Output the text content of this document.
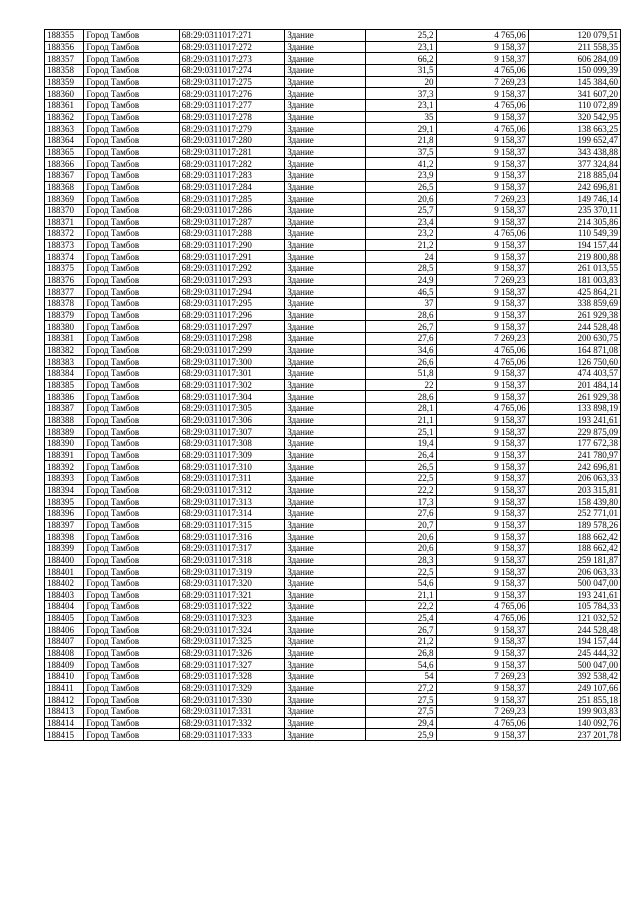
188355	Город Тамбов	68:29:0311017:271	Здание	25,2	4 765,06	120 079,51
188356	Город Тамбов	68:29:0311017:272	Здание	23,1	9 158,37	211 558,35
188357	Город Тамбов	68:29:0311017:273	Здание	66,2	9 158,37	606 284,09
188358	Город Тамбов	68:29:0311017:274	Здание	31,5	4 765,06	150 099,39
188359	Город Тамбов	68:29:0311017:275	Здание	20	7 269,23	145 384,60
188360	Город Тамбов	68:29:0311017:276	Здание	37,3	9 158,37	341 607,20
188361	Город Тамбов	68:29:0311017:277	Здание	23,1	4 765,06	110 072,89
188362	Город Тамбов	68:29:0311017:278	Здание	35	9 158,37	320 542,95
188363	Город Тамбов	68:29:0311017:279	Здание	29,1	4 765,06	138 663,25
188364	Город Тамбов	68:29:0311017:280	Здание	21,8	9 158,37	199 652,47
188365	Город Тамбов	68:29:0311017:281	Здание	37,5	9 158,37	343 438,88
188366	Город Тамбов	68:29:0311017:282	Здание	41,2	9 158,37	377 324,84
188367	Город Тамбов	68:29:0311017:283	Здание	23,9	9 158,37	218 885,04
188368	Город Тамбов	68:29:0311017:284	Здание	26,5	9 158,37	242 696,81
188369	Город Тамбов	68:29:0311017:285	Здание	20,6	7 269,23	149 746,14
188370	Город Тамбов	68:29:0311017:286	Здание	25,7	9 158,37	235 370,11
188371	Город Тамбов	68:29:0311017:287	Здание	23,4	9 158,37	214 305,86
188372	Город Тамбов	68:29:0311017:288	Здание	23,2	4 765,06	110 549,39
188373	Город Тамбов	68:29:0311017:290	Здание	21,2	9 158,37	194 157,44
188374	Город Тамбов	68:29:0311017:291	Здание	24	9 158,37	219 800,88
188375	Город Тамбов	68:29:0311017:292	Здание	28,5	9 158,37	261 013,55
188376	Город Тамбов	68:29:0311017:293	Здание	24,9	7 269,23	181 003,83
188377	Город Тамбов	68:29:0311017:294	Здание	46,5	9 158,37	425 864,21
188378	Город Тамбов	68:29:0311017:295	Здание	37	9 158,37	338 859,69
188379	Город Тамбов	68:29:0311017:296	Здание	28,6	9 158,37	261 929,38
188380	Город Тамбов	68:29:0311017:297	Здание	26,7	9 158,37	244 528,48
188381	Город Тамбов	68:29:0311017:298	Здание	27,6	7 269,23	200 630,75
188382	Город Тамбов	68:29:0311017:299	Здание	34,6	4 765,06	164 871,08
188383	Город Тамбов	68:29:0311017:300	Здание	26,6	4 765,06	126 750,60
188384	Город Тамбов	68:29:0311017:301	Здание	51,8	9 158,37	474 403,57
188385	Город Тамбов	68:29:0311017:302	Здание	22	9 158,37	201 484,14
188386	Город Тамбов	68:29:0311017:304	Здание	28,6	9 158,37	261 929,38
188387	Город Тамбов	68:29:0311017:305	Здание	28,1	4 765,06	133 898,19
188388	Город Тамбов	68:29:0311017:306	Здание	21,1	9 158,37	193 241,61
188389	Город Тамбов	68:29:0311017:307	Здание	25,1	9 158,37	229 875,09
188390	Город Тамбов	68:29:0311017:308	Здание	19,4	9 158,37	177 672,38
188391	Город Тамбов	68:29:0311017:309	Здание	26,4	9 158,37	241 780,97
188392	Город Тамбов	68:29:0311017:310	Здание	26,5	9 158,37	242 696,81
188393	Город Тамбов	68:29:0311017:311	Здание	22,5	9 158,37	206 063,33
188394	Город Тамбов	68:29:0311017:312	Здание	22,2	9 158,37	203 315,81
188395	Город Тамбов	68:29:0311017:313	Здание	17,3	9 158,37	158 439,80
188396	Город Тамбов	68:29:0311017:314	Здание	27,6	9 158,37	252 771,01
188397	Город Тамбов	68:29:0311017:315	Здание	20,7	9 158,37	189 578,26
188398	Город Тамбов	68:29:0311017:316	Здание	20,6	9 158,37	188 662,42
188399	Город Тамбов	68:29:0311017:317	Здание	20,6	9 158,37	188 662,42
188400	Город Тамбов	68:29:0311017:318	Здание	28,3	9 158,37	259 181,87
188401	Город Тамбов	68:29:0311017:319	Здание	22,5	9 158,37	206 063,33
188402	Город Тамбов	68:29:0311017:320	Здание	54,6	9 158,37	500 047,00
188403	Город Тамбов	68:29:0311017:321	Здание	21,1	9 158,37	193 241,61
188404	Город Тамбов	68:29:0311017:322	Здание	22,2	4 765,06	105 784,33
188405	Город Тамбов	68:29:0311017:323	Здание	25,4	4 765,06	121 032,52
188406	Город Тамбов	68:29:0311017:324	Здание	26,7	9 158,37	244 528,48
188407	Город Тамбов	68:29:0311017:325	Здание	21,2	9 158,37	194 157,44
188408	Город Тамбов	68:29:0311017:326	Здание	26,8	9 158,37	245 444,32
188409	Город Тамбов	68:29:0311017:327	Здание	54,6	9 158,37	500 047,00
188410	Город Тамбов	68:29:0311017:328	Здание	54	7 269,23	392 538,42
188411	Город Тамбов	68:29:0311017:329	Здание	27,2	9 158,37	249 107,66
188412	Город Тамбов	68:29:0311017:330	Здание	27,5	9 158,37	251 855,18
188413	Город Тамбов	68:29:0311017:331	Здание	27,5	7 269,23	199 903,83
188414	Город Тамбов	68:29:0311017:332	Здание	29,4	4 765,06	140 092,76
188415	Город Тамбов	68:29:0311017:333	Здание	25,9	9 158,37	237 201,78
